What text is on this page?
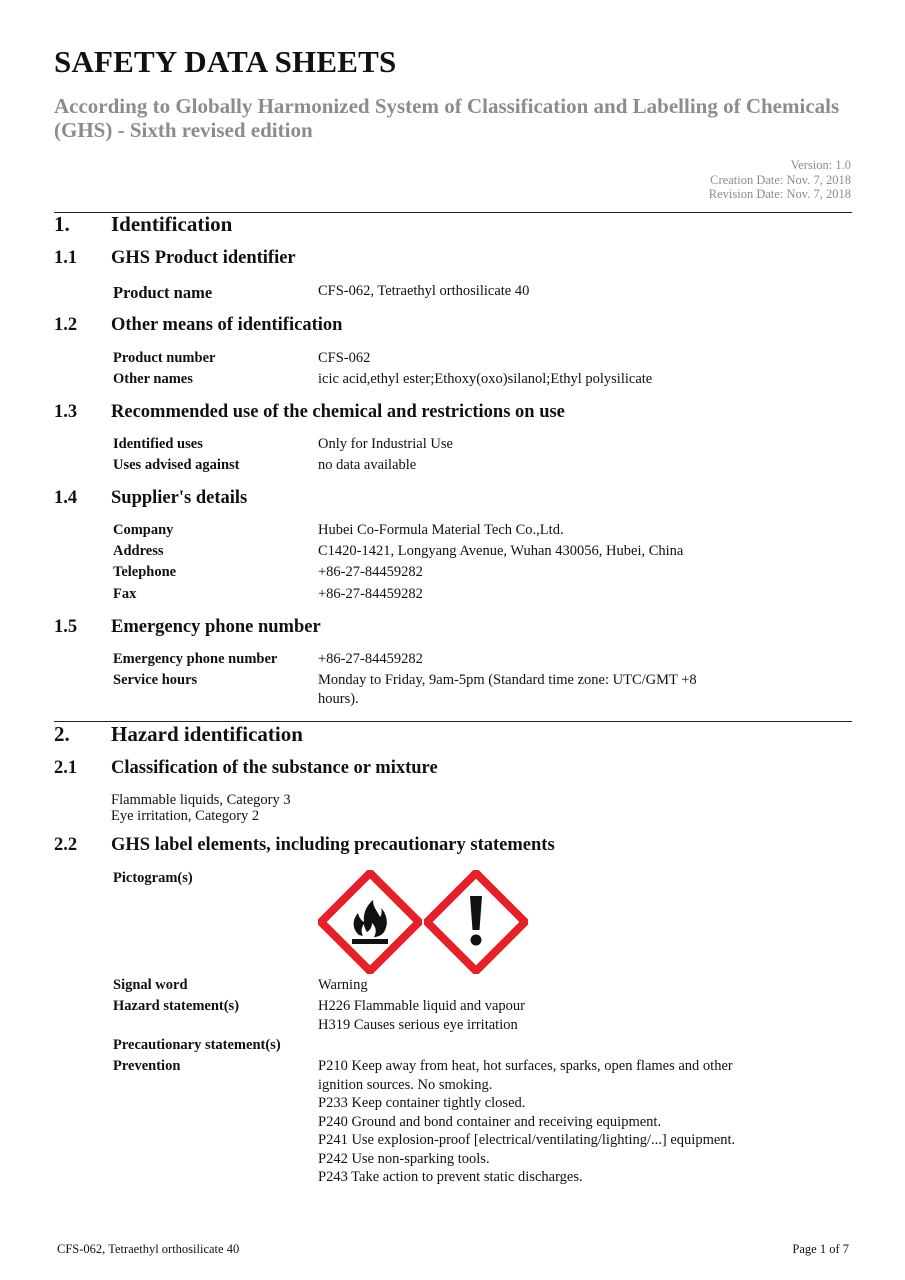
SAFETY DATA SHEETS
According to Globally Harmonized System of Classification and Labelling of Chemicals (GHS) - Sixth revised edition
Version: 1.0
Creation Date: Nov. 7, 2018
Revision Date: Nov. 7, 2018
1. Identification
1.1 GHS Product identifier
Product name	CFS-062, Tetraethyl orthosilicate 40
1.2 Other means of identification
Product number	CFS-062
Other names	icic acid,ethyl ester;Ethoxy(oxo)silanol;Ethyl polysilicate
1.3 Recommended use of the chemical and restrictions on use
Identified uses	Only for Industrial Use
Uses advised against	no data available
1.4 Supplier's details
Company	Hubei Co-Formula Material Tech Co.,Ltd.
Address	C1420-1421, Longyang Avenue, Wuhan 430056, Hubei, China
Telephone	+86-27-84459282
Fax	+86-27-84459282
1.5 Emergency phone number
Emergency phone number	+86-27-84459282
Service hours	Monday to Friday, 9am-5pm (Standard time zone: UTC/GMT +8
hours).
2. Hazard identification
2.1 Classification of the substance or mixture
Flammable liquids, Category 3
Eye irritation, Category 2
2.2 GHS label elements, including precautionary statements
Pictogram(s)
Signal word	Warning
Hazard statement(s)	H226 Flammable liquid and vapour
H319 Causes serious eye irritation
Precautionary statement(s)
Prevention	P210 Keep away from heat, hot surfaces, sparks, open flames and other
ignition sources. No smoking.
P233 Keep container tightly closed.
P240 Ground and bond container and receiving equipment.
P241 Use explosion-proof [electrical/ventilating/lighting/...] equipment.
P242 Use non-sparking tools.
P243 Take action to prevent static discharges.
CFS-062, Tetraethyl orthosilicate 40	Page 1 of 7
